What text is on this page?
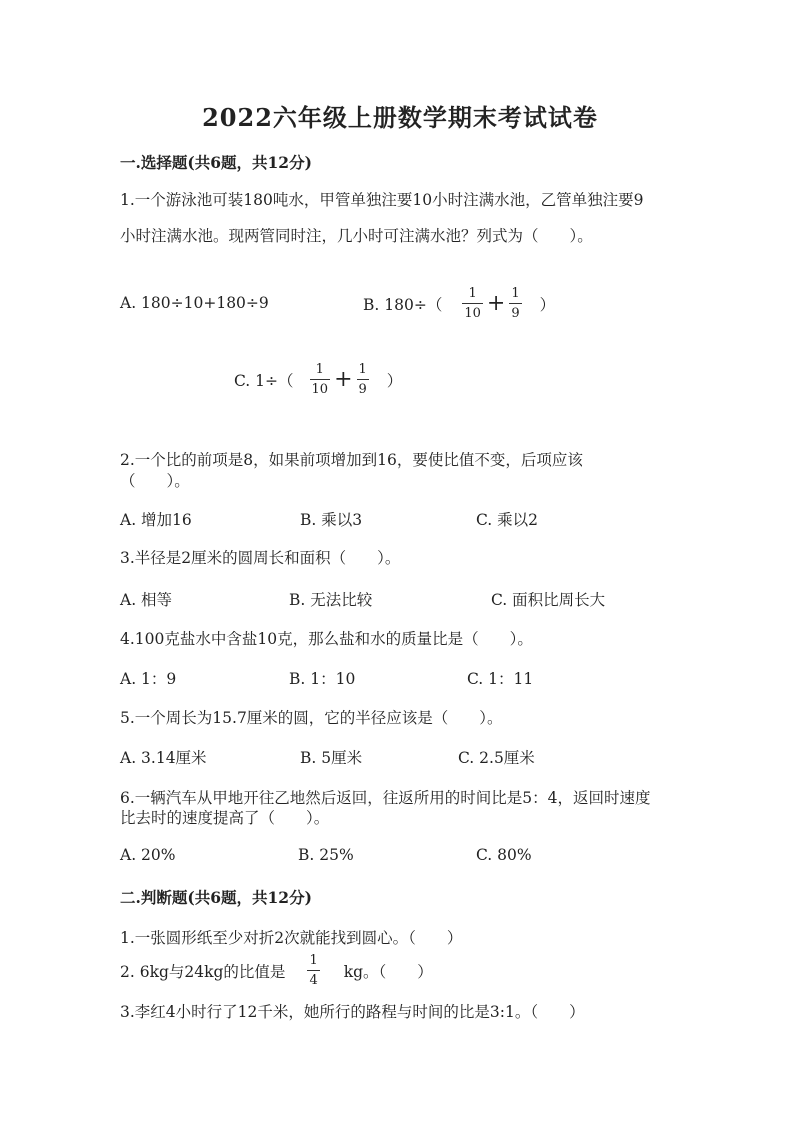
2022六年级上册数学期末考试试卷
一.选择题(共6题，共12分)
1.一个游泳池可装180吨水，甲管单独注要10小时注满水池，乙管单独注要9
小时注满水池。现两管同时注，几小时可注满水池？列式为（　　）。
A. 180÷10+180÷9	B. $180\div( \frac{1}{10} + \frac{1}{9}$ ）
C. $1\div( \frac{1}{10} + \frac{1}{9}$ ）
2.一个比的前项是8，如果前项增加到16，要使比值不变，后项应该
（　　）。
A. 增加16	B. 乘以3	C. 乘以2
3.半径是2厘米的圆周长和面积（　　）。
A. 相等	B. 无法比较	C. 面积比周长大
4.100克盐水中含盐10克，那么盐和水的质量比是（　　）。
A. 1：9	B. 1：10	C. 1：11
5.一个周长为15.7厘米的圆，它的半径应该是（　　）。
A. 3.14厘米	B. 5厘米	C. 2.5厘米
6.一辆汽车从甲地开往乙地然后返回，往返所用的时间比是5：4，返回时速度
比去时的速度提高了（　　）。
A. 20%	B. 25%	C. 80%
二.判断题(共6题，共12分)
1.一张圆形纸至少对折2次就能找到圆心。（　　）
2. 6kg与24kg的比值是 $\frac{1}{4}$ kg。（　　）
3.李红4小时行了12千米，她所行的路程与时间的比是3:1。（　　）
